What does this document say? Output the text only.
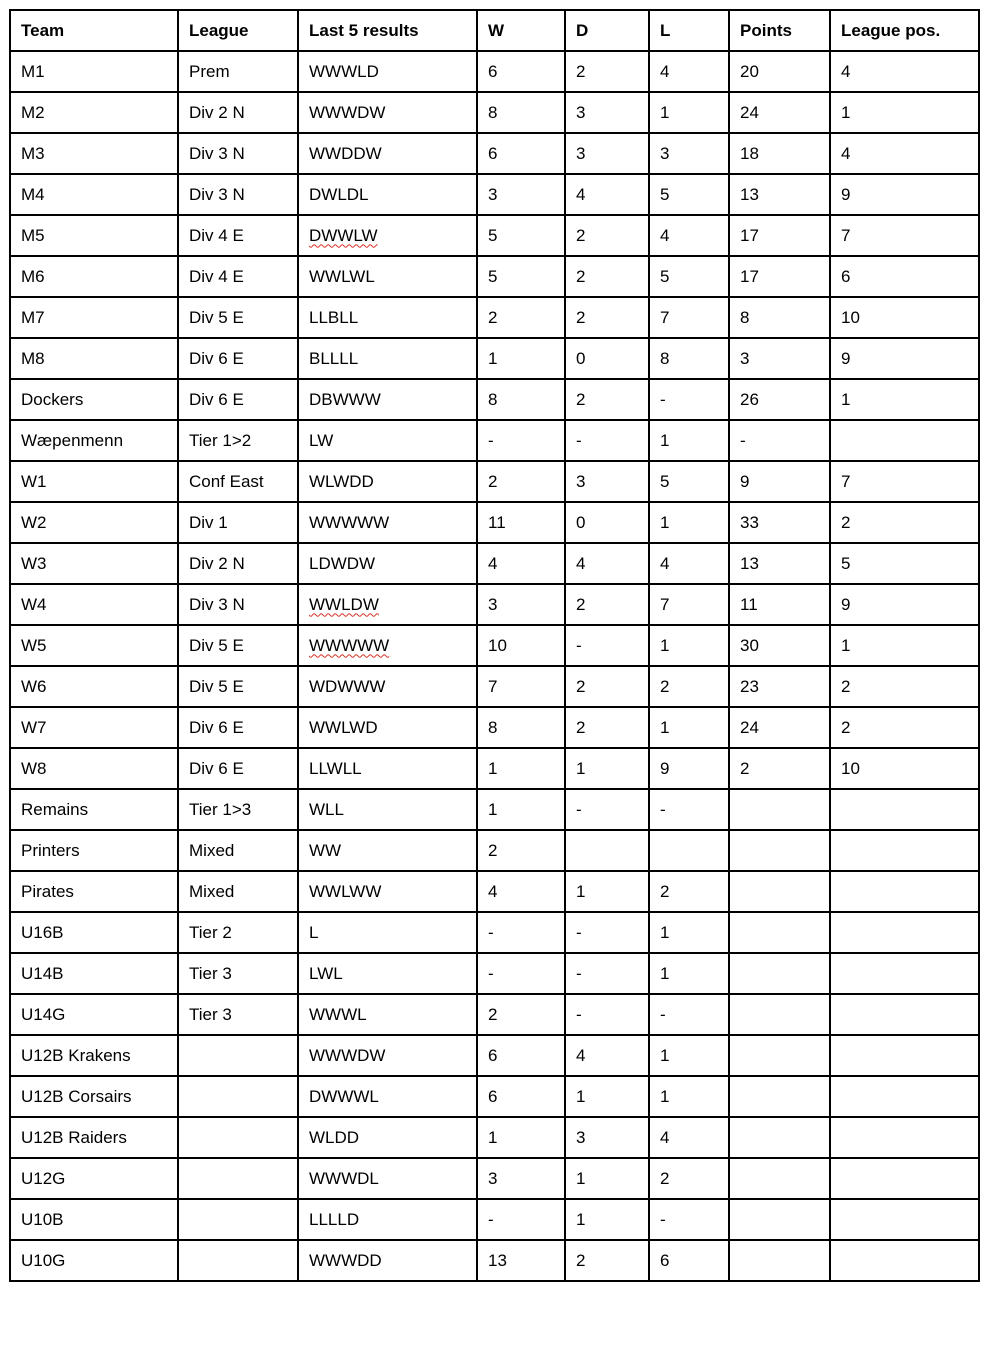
Team	League	Last 5 results	W	D	L	Points	League pos.
M1	Prem	WWWLD	6	2	4	20	4
M2	Div 2 N	WWWDW	8	3	1	24	1
M3	Div 3 N	WWDDW	6	3	3	18	4
M4	Div 3 N	DWLDL	3	4	5	13	9
M5	Div 4 E	DWWLW	5	2	4	17	7
M6	Div 4 E	WWLWL	5	2	5	17	6
M7	Div 5 E	LLBLL	2	2	7	8	10
M8	Div 6 E	BLLLL	1	0	8	3	9
Dockers	Div 6 E	DBWWW	8	2	-	26	1
Wæpenmenn	Tier 1>2	LW	-	-	1	-	
W1	Conf East	WLWDD	2	3	5	9	7
W2	Div 1	WWWWW	11	0	1	33	2
W3	Div 2 N	LDWDW	4	4	4	13	5
W4	Div 3 N	WWLDW	3	2	7	11	9
W5	Div 5 E	WWWWW	10	-	1	30	1
W6	Div 5 E	WDWWW	7	2	2	23	2
W7	Div 6 E	WWLWD	8	2	1	24	2
W8	Div 6 E	LLWLL	1	1	9	2	10
Remains	Tier 1>3	WLL	1	-	-		
Printers	Mixed	WW	2				
Pirates	Mixed	WWLWW	4	1	2		
U16B	Tier 2	L	-	-	1		
U14B	Tier 3	LWL	-	-	1		
U14G	Tier 3	WWWL	2	-	-		
U12B Krakens		WWWDW	6	4	1		
U12B Corsairs		DWWWL	6	1	1		
U12B Raiders		WLDD	1	3	4		
U12G		WWWDL	3	1	2		
U10B		LLLLD	-	1	-		
U10G		WWWDD	13	2	6		
